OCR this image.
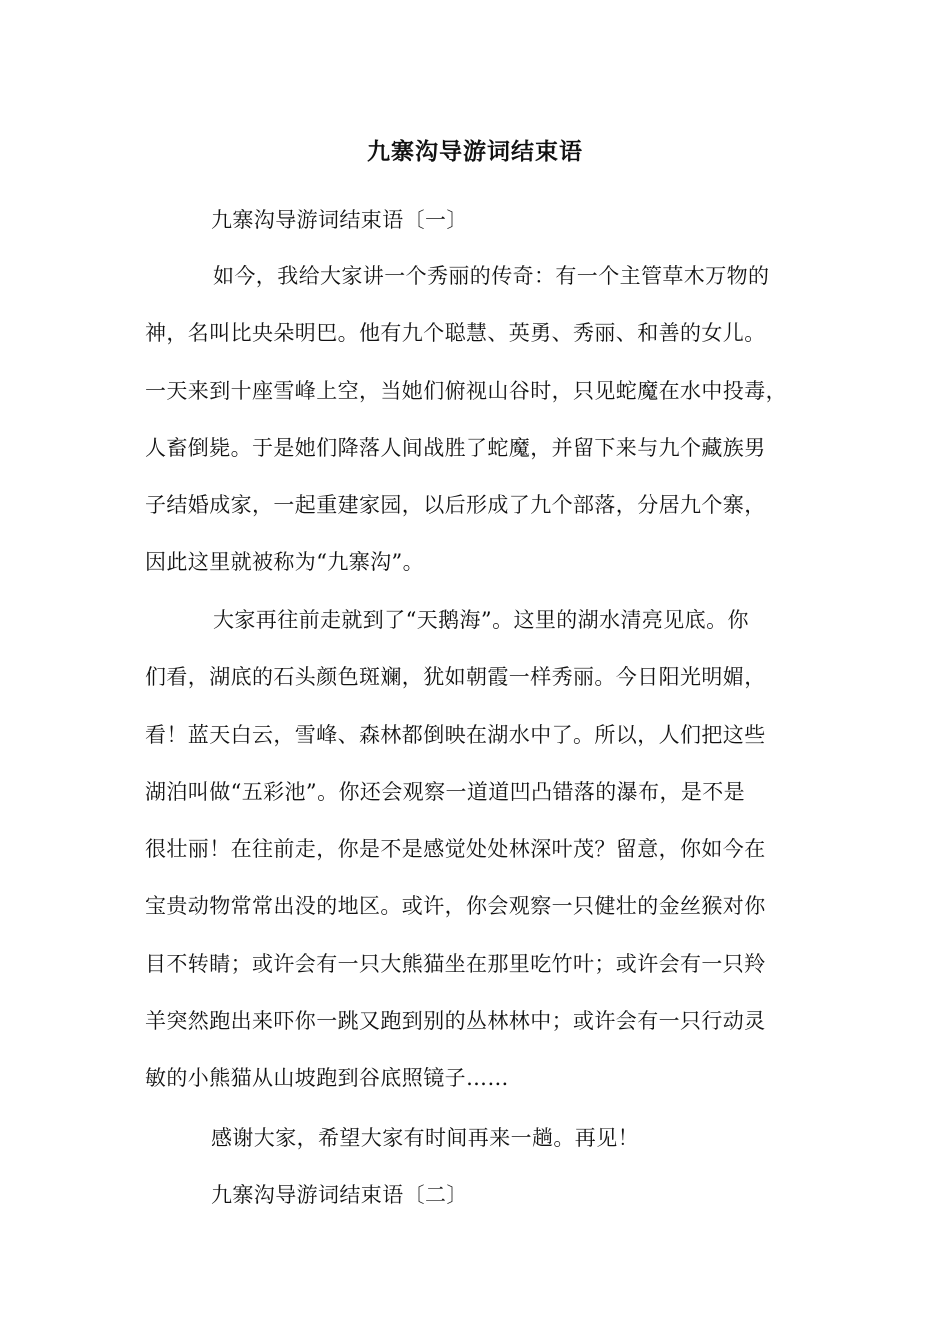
九寨沟导游词结束语

九寨沟导游词结束语〔一〕

如今，我给大家讲一个秀丽的传奇：有一个主管草木万物的
神，名叫比央朵明巴。他有九个聪慧、英勇、秀丽、和善的女儿。
一天来到十座雪峰上空，当她们俯视山谷时，只见蛇魔在水中投毒，
人畜倒毙。于是她们降落人间战胜了蛇魔，并留下来与九个藏族男
子结婚成家，一起重建家园，以后形成了九个部落，分居九个寨，
因此这里就被称为“九寨沟”。
大家再往前走就到了“天鹅海”。这里的湖水清亮见底。你
们看，湖底的石头颜色斑斓，犹如朝霞一样秀丽。今日阳光明媚，
看！蓝天白云，雪峰、森林都倒映在湖水中了。所以，人们把这些
湖泊叫做“五彩池”。你还会观察一道道凹凸错落的瀑布，是不是
很壮丽！在往前走，你是不是感觉处处林深叶茂？留意，你如今在
宝贵动物常常出没的地区。或许，你会观察一只健壮的金丝猴对你
目不转睛；或许会有一只大熊猫坐在那里吃竹叶；或许会有一只羚
羊突然跑出来吓你一跳又跑到别的丛林林中；或许会有一只行动灵
敏的小熊猫从山坡跑到谷底照镜子……

感谢大家，希望大家有时间再来一趟。再见！

九寨沟导游词结束语〔二〕
